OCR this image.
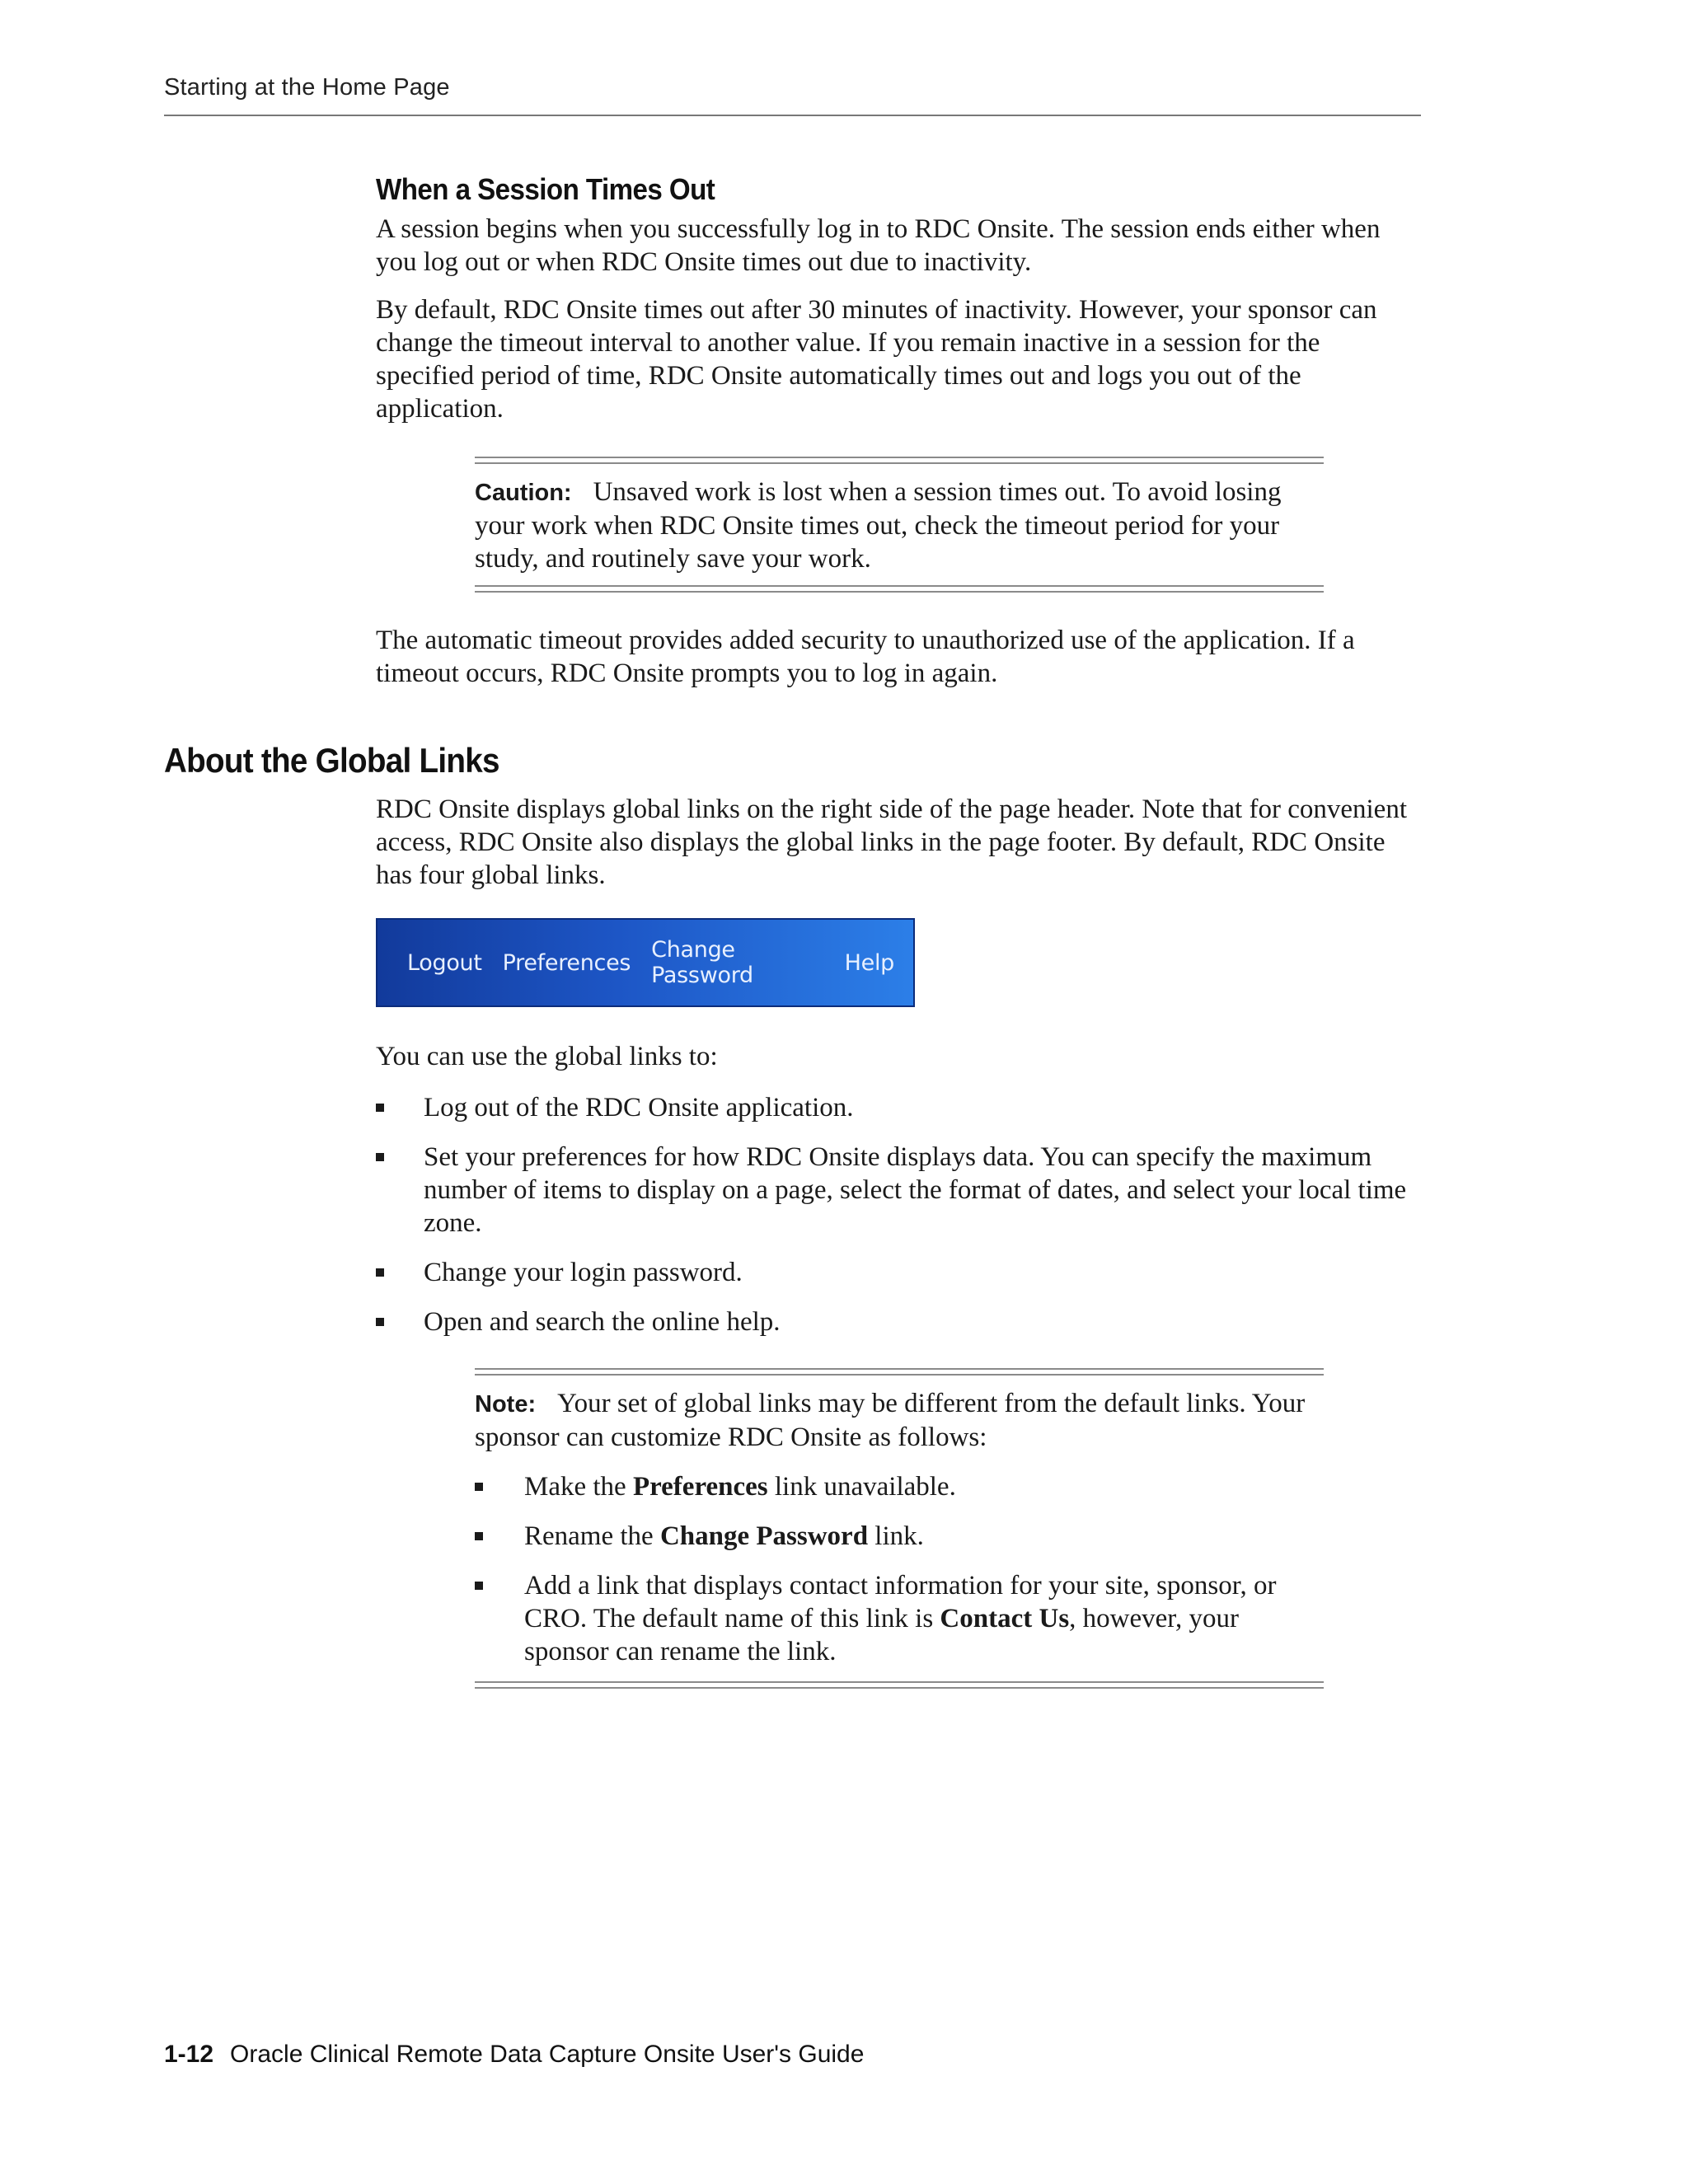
Starting at the Home Page
When a Session Times Out

A session begins when you successfully log in to RDC Onsite. The session ends either when you log out or when RDC Onsite times out due to inactivity.

By default, RDC Onsite times out after 30 minutes of inactivity. However, your sponsor can change the timeout interval to another value. If you remain inactive in a session for the specified period of time, RDC Onsite automatically times out and logs you out of the application.

Caution: Unsaved work is lost when a session times out. To avoid losing your work when RDC Onsite times out, check the timeout period for your study, and routinely save your work.

The automatic timeout provides added security to unauthorized use of the application. If a timeout occurs, RDC Onsite prompts you to log in again.

About the Global Links

RDC Onsite displays global links on the right side of the page header. Note that for convenient access, RDC Onsite also displays the global links in the page footer. By default, RDC Onsite has four global links.

Logout Preferences Change Password	Help

You can use the global links to:

Log out of the RDC Onsite application.
Set your preferences for how RDC Onsite displays data. You can specify the maximum number of items to display on a page, select the format of dates, and select your local time zone.
Change your login password.
Open and search the online help.

Note: Your set of global links may be different from the default links. Your sponsor can customize RDC Onsite as follows:

Make the Preferences link unavailable.
Rename the Change Password link.
Add a link that displays contact information for your site, sponsor, or CRO. The default name of this link is Contact Us, however, your sponsor can rename the link.
1-12 Oracle Clinical Remote Data Capture Onsite User's Guide
